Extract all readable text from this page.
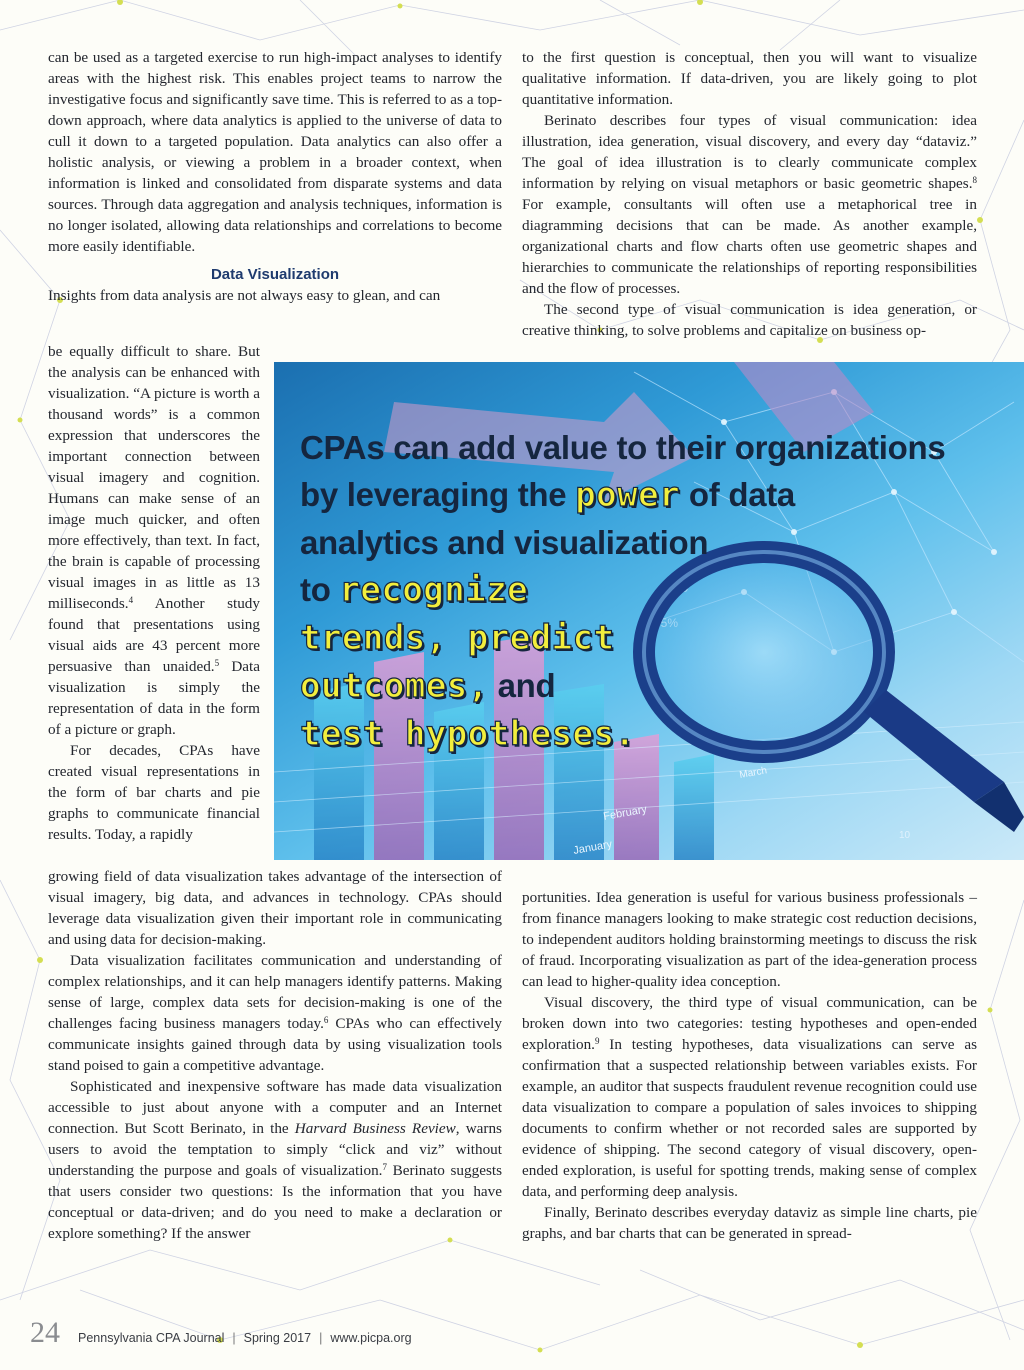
can be used as a targeted exercise to run high-impact analyses to identify areas with the highest risk. This enables project teams to narrow the investigative focus and significantly save time. This is referred to as a top-down approach, where data analytics is applied to the universe of data to cull it down to a targeted population. Data analytics can also offer a holistic analysis, or viewing a problem in a broader context, when information is linked and consolidated from disparate systems and data sources. Through data aggregation and analysis techniques, information is no longer isolated, allowing data relationships and correlations to become more easily identifiable.

Data Visualization

Insights from data analysis are not always easy to glean, and can

be equally difficult to share. But the analysis can be enhanced with visualization. “A picture is worth a thousand words” is a common expression that underscores the important connection between visual imagery and cognition. Humans can make sense of an image much quicker, and often more effectively, than text. In fact, the brain is capable of processing visual images in as little as 13 milliseconds.$^4$ Another study found that presentations using visual aids are 43 percent more persuasive than unaided.$^5$ Data visualization is simply the representation of data in the form of a picture or graph.

For decades, CPAs have created visual representations in the form of bar charts and pie graphs to communicate financial results. Today, a rapidly

growing field of data visualization takes advantage of the intersection of visual imagery, big data, and advances in technology. CPAs should leverage data visualization given their important role in communicating and using data for decision-making.

Data visualization facilitates communication and understanding of complex relationships, and it can help managers identify patterns. Making sense of large, complex data sets for decision-making is one of the challenges facing business managers today.$^6$ CPAs who can effectively communicate insights gained through data by using visualization tools stand poised to gain a competitive advantage.

Sophisticated and inexpensive software has made data visualization accessible to just about anyone with a computer and an Internet connection. But Scott Berinato, in the Harvard Business Review, warns users to avoid the temptation to simply “click and viz” without understanding the purpose and goals of visualization.$^7$ Berinato suggests that users consider two questions: Is the information that you have conceptual or data-driven; and do you need to make a declaration or explore something? If the answer

to the first question is conceptual, then you will want to visualize qualitative information. If data-driven, you are likely going to plot quantitative information.

Berinato describes four types of visual communication: idea illustration, idea generation, visual discovery, and every day “dataviz.” The goal of idea illustration is to clearly communicate complex information by relying on visual metaphors or basic geometric shapes.$^8$ For example, consultants will often use a metaphorical tree in diagramming decisions that can be made. As another example, organizational charts and flow charts often use geometric shapes and hierarchies to communicate the relationships of reporting responsibilities and the flow of processes.

The second type of visual communication is idea generation, or creative thinking, to solve problems and capitalize on business op-

January
February
March
10
CPAs can add value to their organizations
by leveraging the power of data
analytics and visualization
to recognize
trends, predict
outcomes, and
test hypotheses.

portunities. Idea generation is useful for various business professionals – from finance managers looking to make strategic cost reduction decisions, to independent auditors holding brainstorming meetings to discuss the risk of fraud. Incorporating visualization as part of the idea-generation process can lead to higher-quality idea conception.

Visual discovery, the third type of visual communication, can be broken down into two categories: testing hypotheses and open-ended exploration.$^9$ In testing hypotheses, data visualizations can serve as confirmation that a suspected relationship between variables exists. For example, an auditor that suspects fraudulent revenue recognition could use data visualization to compare a population of sales invoices to shipping documents to confirm whether or not recorded sales are supported by evidence of shipping. The second category of visual discovery, open-ended exploration, is useful for spotting trends, making sense of complex data, and performing deep analysis.

Finally, Berinato describes everyday dataviz as simple line charts, pie graphs, and bar charts that can be generated in spread-

24 Pennsylvania CPA Journal | Spring 2017 | www.picpa.org
